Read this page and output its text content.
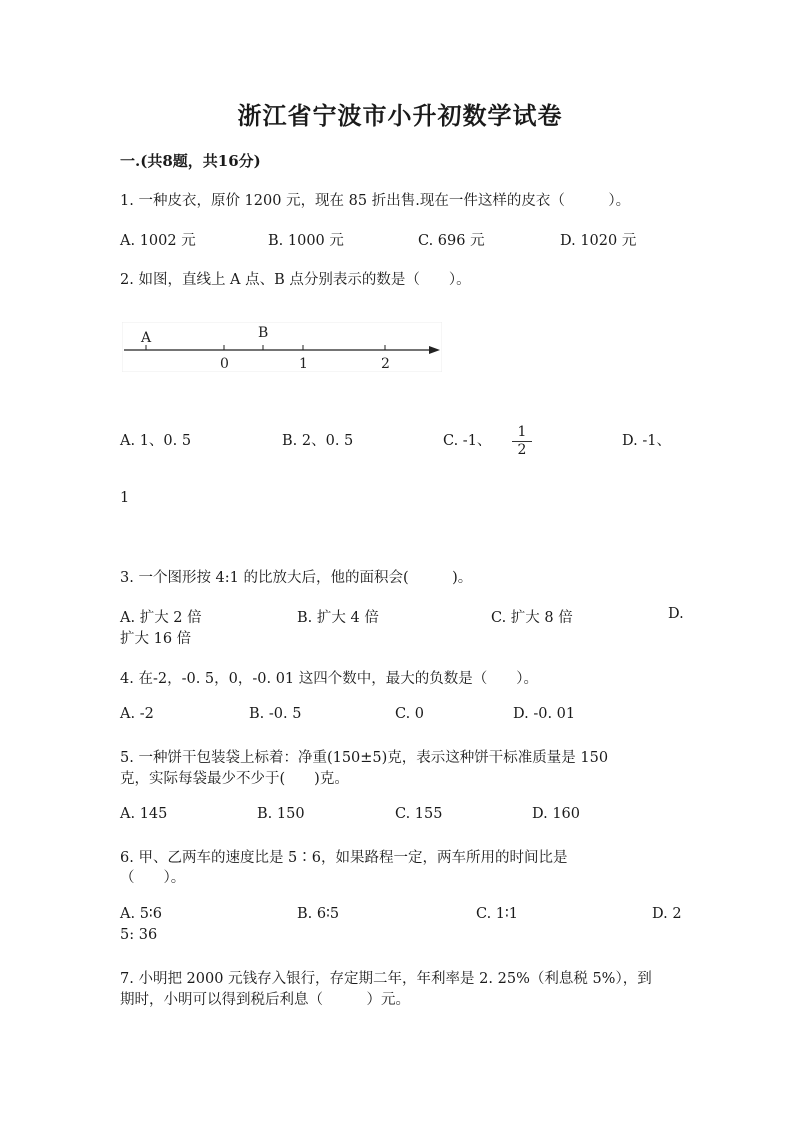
浙江省宁波市小升初数学试卷
一.(共8题，共16分)
1. 一种皮衣，原价 1200 元，现在 85 折出售.现在一件这样的皮衣（　　　）。
A. 1002 元	B. 1000 元	C. 696 元	D. 1020 元
2. 如图，直线上 A 点、B 点分别表示的数是（　　）。
A	B
0	1	2
A. 1、0. 5	B. 2、0. 5	C. -1、 $\frac{1}{2}$	D. -1、
1
3. 一个图形按 4:1 的比放大后，他的面积会(　　　)。
A. 扩大 2 倍	B. 扩大 4 倍	C. 扩大 8 倍	D.
扩大 16 倍
4. 在-2，-0. 5，0，-0. 01 这四个数中，最大的负数是（　　）。
A. -2	B. -0. 5	C. 0	D. -0. 01
5. 一种饼干包装袋上标着：净重(150±5)克，表示这种饼干标准质量是 150
克，实际每袋最少不少于(　　)克。
A. 145	B. 150	C. 155	D. 160
6. 甲、乙两车的速度比是 5∶6，如果路程一定，两车所用的时间比是
（　　）。
A. 5∶6	B. 6∶5	C. 1∶1	D. 2
5: 36
7. 小明把 2000 元钱存入银行，存定期二年，年利率是 2. 25%（利息税 5%），到
期时，小明可以得到税后利息（　　　）元。
